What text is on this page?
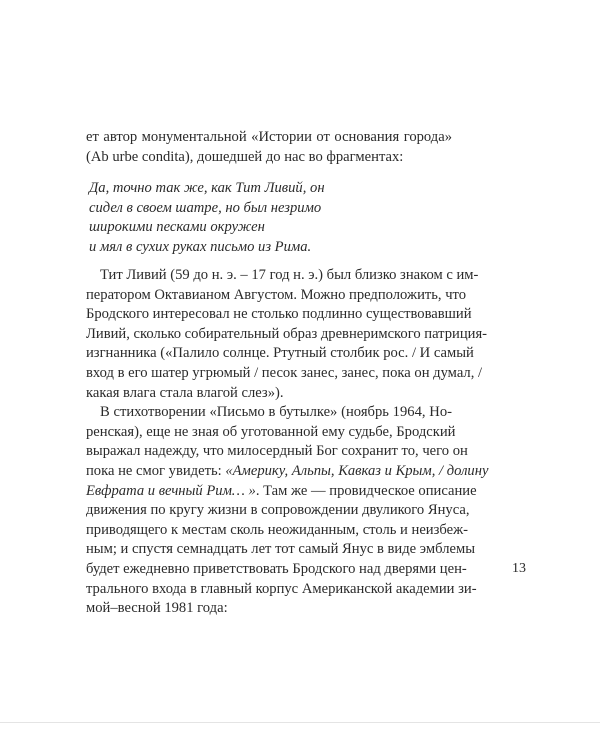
ет автор монументальной «Истории от основания города»
(Ab urbe condita), дошедшей до нас во фрагментах:
Да, точно так же, как Тит Ливий, он
сидел в своем шатре, но был незримо
широкими песками окружен
и мял в сухих руках письмо из Рима.
Тит Ливий (59 до н. э. – 17 год н. э.) был близко знаком с им-
ператором Октавианом Августом. Можно предположить, что
Бродского интересовал не столько подлинно существовавший
Ливий, сколько собирательный образ древнеримского патриция-
изгнанника («Палило солнце. Ртутный столбик рос. / И самый
вход в его шатер угрюмый / песок занес, занес, пока он думал, /
какая влага стала влагой слез»).
В стихотворении «Письмо в бутылке» (ноябрь 1964, Но-
ренская), еще не зная об уготованной ему судьбе, Бродский
выражал надежду, что милосердный Бог сохранит то, чего он
пока не смог увидеть: «Америку, Альпы, Кавказ и Крым, / долину
Евфрата и вечный Рим… ». Там же — провидческое описание
движения по кругу жизни в сопровождении двуликого Януса,
приводящего к местам сколь неожиданным, столь и неизбеж-
ным; и спустя семнадцать лет тот самый Янус в виде эмблемы
будет ежедневно приветствовать Бродского над дверями цен-
трального входа в главный корпус Американской академии зи-
мой–весной 1981 года:
13
